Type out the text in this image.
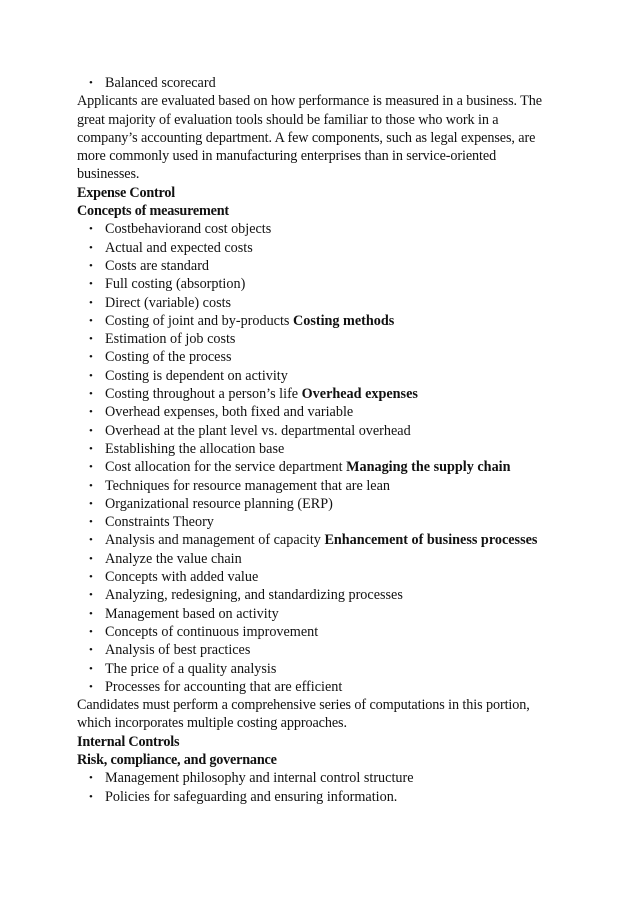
• Balanced scorecard

Applicants are evaluated based on how performance is measured in a business. The great majority of evaluation tools should be familiar to those who work in a company’s accounting department. A few components, such as legal expenses, are more commonly used in manufacturing enterprises than in service-oriented businesses.

Expense Control

Concepts of measurement

• Costbehaviorand cost objects
• Actual and expected costs
• Costs are standard
• Full costing (absorption)
• Direct (variable) costs
• Costing of joint and by-products Costing methods
• Estimation of job costs
• Costing of the process
• Costing is dependent on activity
• Costing throughout a person’s life Overhead expenses
• Overhead expenses, both fixed and variable
• Overhead at the plant level vs. departmental overhead
• Establishing the allocation base
• Cost allocation for the service department Managing the supply chain
• Techniques for resource management that are lean
• Organizational resource planning (ERP)
• Constraints Theory
• Analysis and management of capacity Enhancement of business processes
• Analyze the value chain
• Concepts with added value
• Analyzing, redesigning, and standardizing processes
• Management based on activity
• Concepts of continuous improvement
• Analysis of best practices
• The price of a quality analysis
• Processes for accounting that are efficient

Candidates must perform a comprehensive series of computations in this portion, which incorporates multiple costing approaches.

Internal Controls

Risk, compliance, and governance

• Management philosophy and internal control structure
• Policies for safeguarding and ensuring information.
